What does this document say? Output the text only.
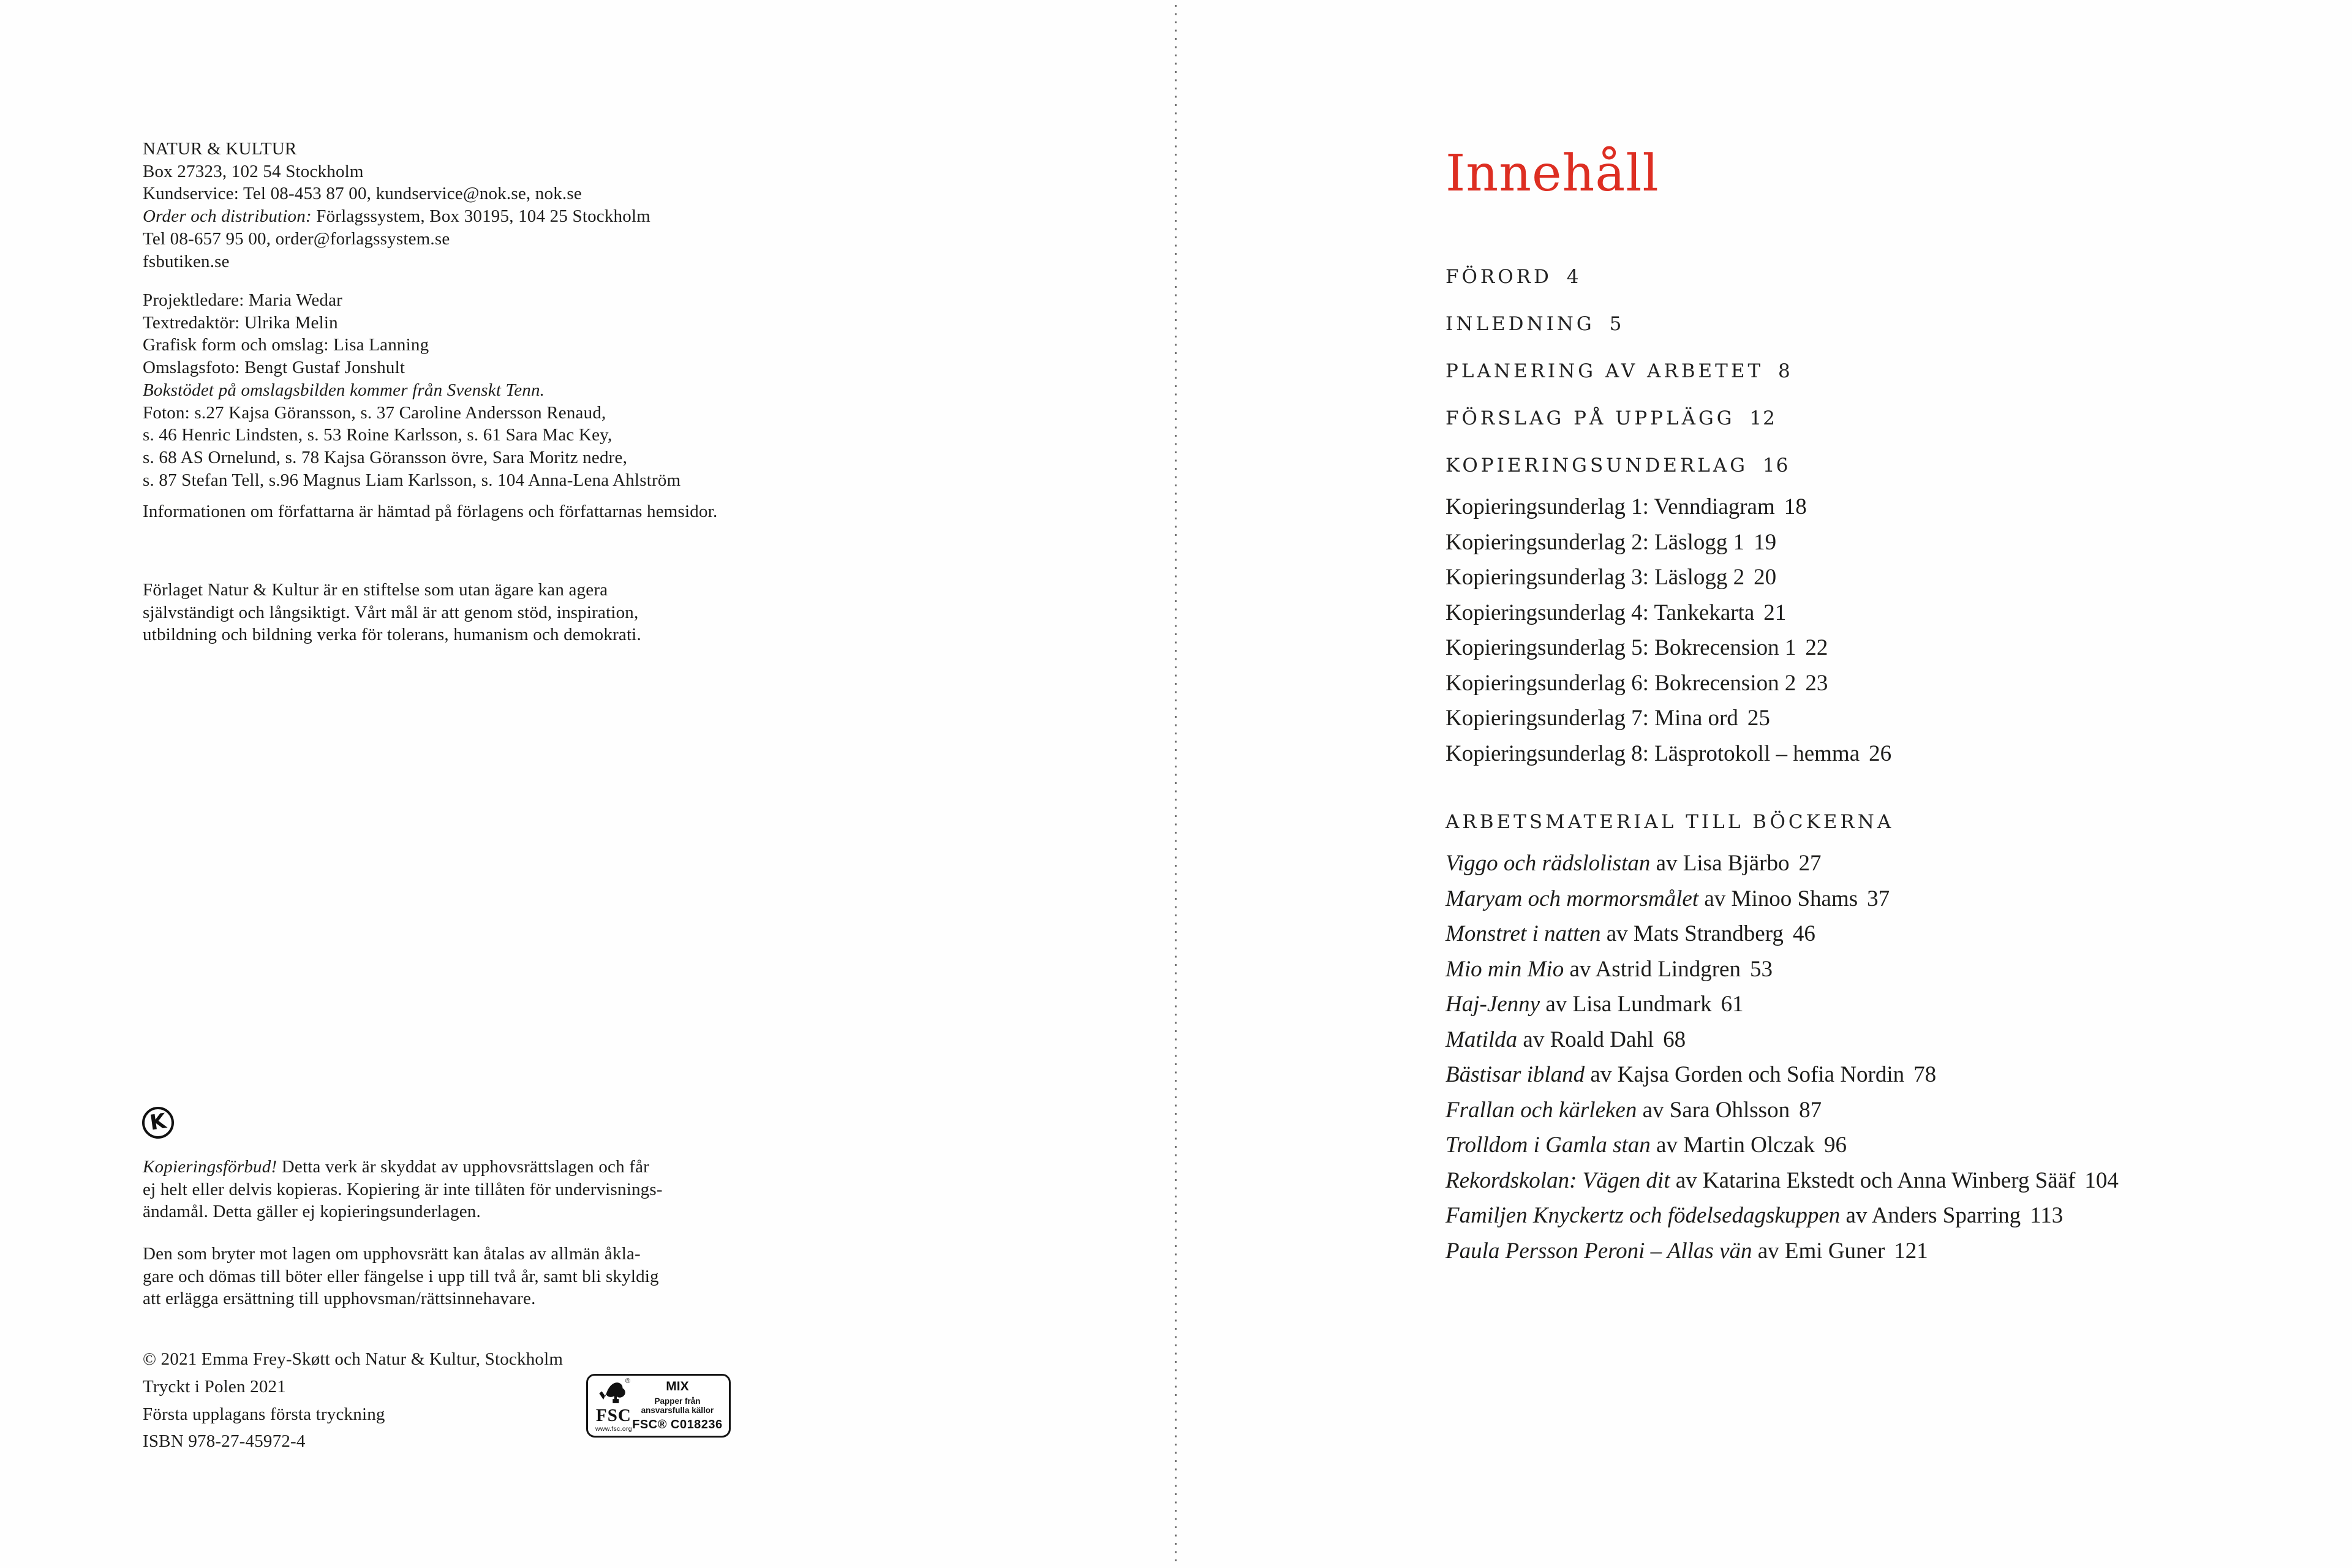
NATUR & KULTUR
Box 27323, 102 54 Stockholm
Kundservice: Tel 08-453 87 00, kundservice@nok.se, nok.se
Order och distribution: Förlagssystem, Box 30195, 104 25 Stockholm
Tel 08-657 95 00, order@forlagssystem.se
fsbutiken.se
Projektledare: Maria Wedar
Textredaktör: Ulrika Melin
Grafisk form och omslag: Lisa Lanning
Omslagsfoto: Bengt Gustaf Jonshult
Bokstödet på omslagsbilden kommer från Svenskt Tenn.
Foton: s.27 Kajsa Göransson, s. 37 Caroline Andersson Renaud,
s. 46 Henric Lindsten, s. 53 Roine Karlsson, s. 61 Sara Mac Key,
s. 68 AS Ornelund, s. 78 Kajsa Göransson övre, Sara Moritz nedre,
s. 87 Stefan Tell, s.96 Magnus Liam Karlsson, s. 104 Anna-Lena Ahlström
Informationen om författarna är hämtad på förlagens och författarnas hemsidor.
Förlaget Natur & Kultur är en stiftelse som utan ägare kan agera
självständigt och långsiktigt. Vårt mål är att genom stöd, inspiration,
utbildning och bildning verka för tolerans, humanism och demokrati.
K
Kopieringsförbud! Detta verk är skyddat av upphovsrättslagen och får
ej helt eller delvis kopieras. Kopiering är inte tillåten för undervisnings-
ändamål. Detta gäller ej kopieringsunderlagen.
Den som bryter mot lagen om upphovsrätt kan åtalas av allmän åkla-
gare och dömas till böter eller fängelse i upp till två år, samt bli skyldig
att erlägga ersättning till upphovsman/rättsinnehavare.
© 2021 Emma Frey-Skøtt och Natur & Kultur, Stockholm
Tryckt i Polen 2021
Första upplagans första tryckning
ISBN 978-27-45972-4
®
FSC
www.fsc.org
MIX
Papper från
ansvarsfulla källor
FSC® C018236
Innehåll
FÖRORD 4
INLEDNING 5
PLANERING AV ARBETET 8
FÖRSLAG PÅ UPPLÄGG 12
KOPIERINGSUNDERLAG 16
Kopieringsunderlag 1: Venndiagram 18
Kopieringsunderlag 2: Läslogg 1 19
Kopieringsunderlag 3: Läslogg 2 20
Kopieringsunderlag 4: Tankekarta 21
Kopieringsunderlag 5: Bokrecension 1 22
Kopieringsunderlag 6: Bokrecension 2 23
Kopieringsunderlag 7: Mina ord 25
Kopieringsunderlag 8: Läsprotokoll – hemma 26
ARBETSMATERIAL TILL BÖCKERNA
Viggo och rädslolistan av Lisa Bjärbo 27
Maryam och mormorsmålet av Minoo Shams 37
Monstret i natten av Mats Strandberg 46
Mio min Mio av Astrid Lindgren 53
Haj-Jenny av Lisa Lundmark 61
Matilda av Roald Dahl 68
Bästisar ibland av Kajsa Gorden och Sofia Nordin 78
Frallan och kärleken av Sara Ohlsson 87
Trolldom i Gamla stan av Martin Olczak 96
Rekordskolan: Vägen dit av Katarina Ekstedt och Anna Winberg Sääf 104
Familjen Knyckertz och födelsedagskuppen av Anders Sparring 113
Paula Persson Peroni – Allas vän av Emi Guner 121
